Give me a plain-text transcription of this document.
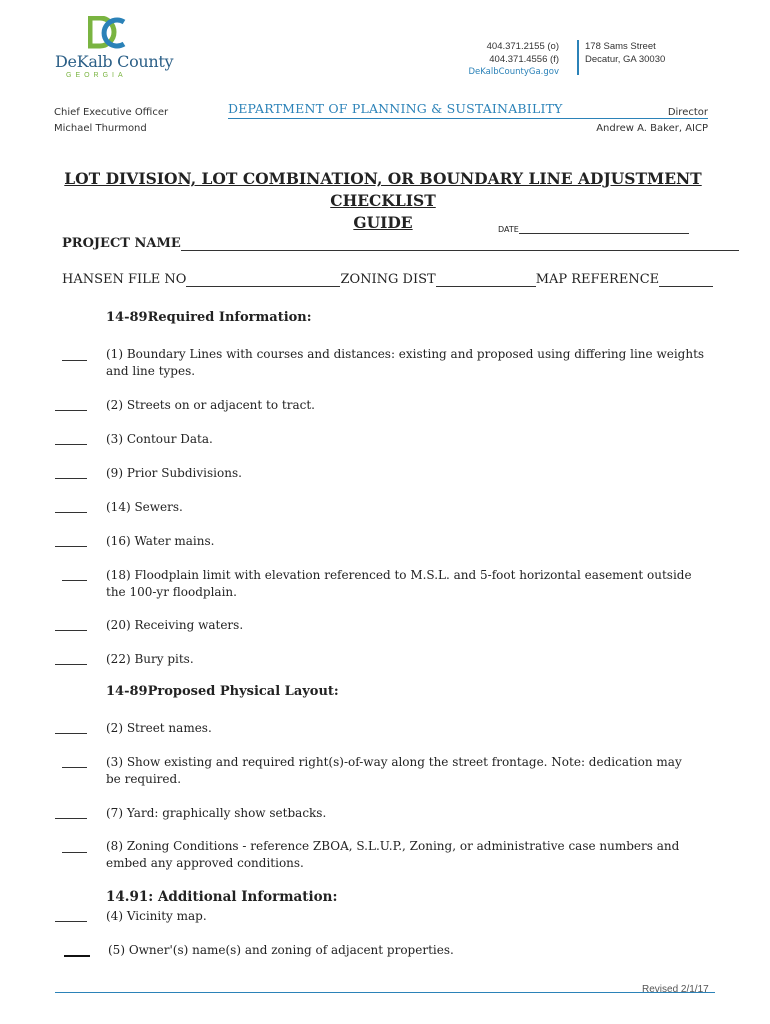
DeKalb County
GEORGIA
404.371.2155 (o)
404.371.4556 (f)
DeKalbCountyGa.gov
178 Sams Street
Decatur, GA 30030
Chief Executive Officer
Michael Thurmond
DEPARTMENT OF PLANNING & SUSTAINABILITY	Director
Andrew A. Baker, AICP
LOT DIVISION, LOT COMBINATION, OR BOUNDARY LINE ADJUSTMENT CHECKLIST
GUIDE	DATE
PROJECT NAME
HANSEN FILE NO	ZONING DIST	MAP REFERENCE
14-89Required Information:
(1) Boundary Lines with courses and distances: existing and proposed using differing line weights
and line types.
(2) Streets on or adjacent to tract.
(3) Contour Data.
(9) Prior Subdivisions.
(14) Sewers.
(16) Water mains.
(18) Floodplain limit with elevation referenced to M.S.L. and 5-foot horizontal easement outside
the 100-yr floodplain.
(20) Receiving waters.
(22) Bury pits.
14-89Proposed Physical Layout:
(2) Street names.
(3) Show existing and required right(s)-of-way along the street frontage. Note: dedication may
be required.
(7) Yard: graphically show setbacks.
(8) Zoning Conditions - reference ZBOA, S.L.U.P., Zoning, or administrative case numbers and
embed any approved conditions.
14.91: Additional Information:
(4) Vicinity map.
(5) Owner'(s) name(s) and zoning of adjacent properties.
Revised 2/1/17
